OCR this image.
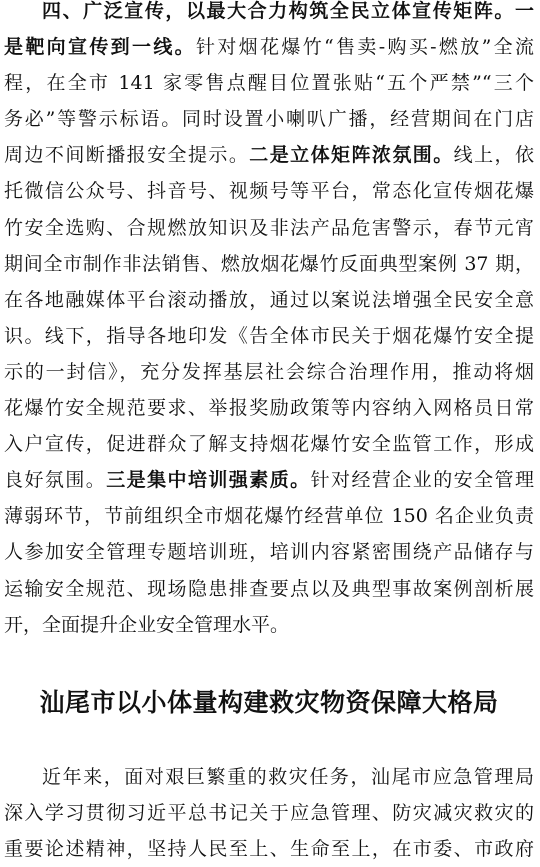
四、广泛宣传，以最大合力构筑全民立体宣传矩阵。一
是靶向宣传到一线。针对烟花爆竹“售卖-购买-燃放”全流
程，在全市 141 家零售点醒目位置张贴“五个严禁”“三个
务必”等警示标语。同时设置小喇叭广播，经营期间在门店
周边不间断播报安全提示。二是立体矩阵浓氛围。线上，依
托微信公众号、抖音号、视频号等平台，常态化宣传烟花爆
竹安全选购、合规燃放知识及非法产品危害警示，春节元宵
期间全市制作非法销售、燃放烟花爆竹反面典型案例 37 期，
在各地融媒体平台滚动播放，通过以案说法增强全民安全意
识。线下，指导各地印发《告全体市民关于烟花爆竹安全提
示的一封信》，充分发挥基层社会综合治理作用，推动将烟
花爆竹安全规范要求、举报奖励政策等内容纳入网格员日常
入户宣传，促进群众了解支持烟花爆竹安全监管工作，形成
良好氛围。三是集中培训强素质。针对经营企业的安全管理
薄弱环节，节前组织全市烟花爆竹经营单位 150 名企业负责
人参加安全管理专题培训班，培训内容紧密围绕产品储存与
运输安全规范、现场隐患排查要点以及典型事故案例剖析展
开，全面提升企业安全管理水平。
汕尾市以小体量构建救灾物资保障大格局
近年来，面对艰巨繁重的救灾任务，汕尾市应急管理局
深入学习贯彻习近平总书记关于应急管理、防灾减灾救灾的
重要论述精神，坚持人民至上、生命至上，在市委、市政府
